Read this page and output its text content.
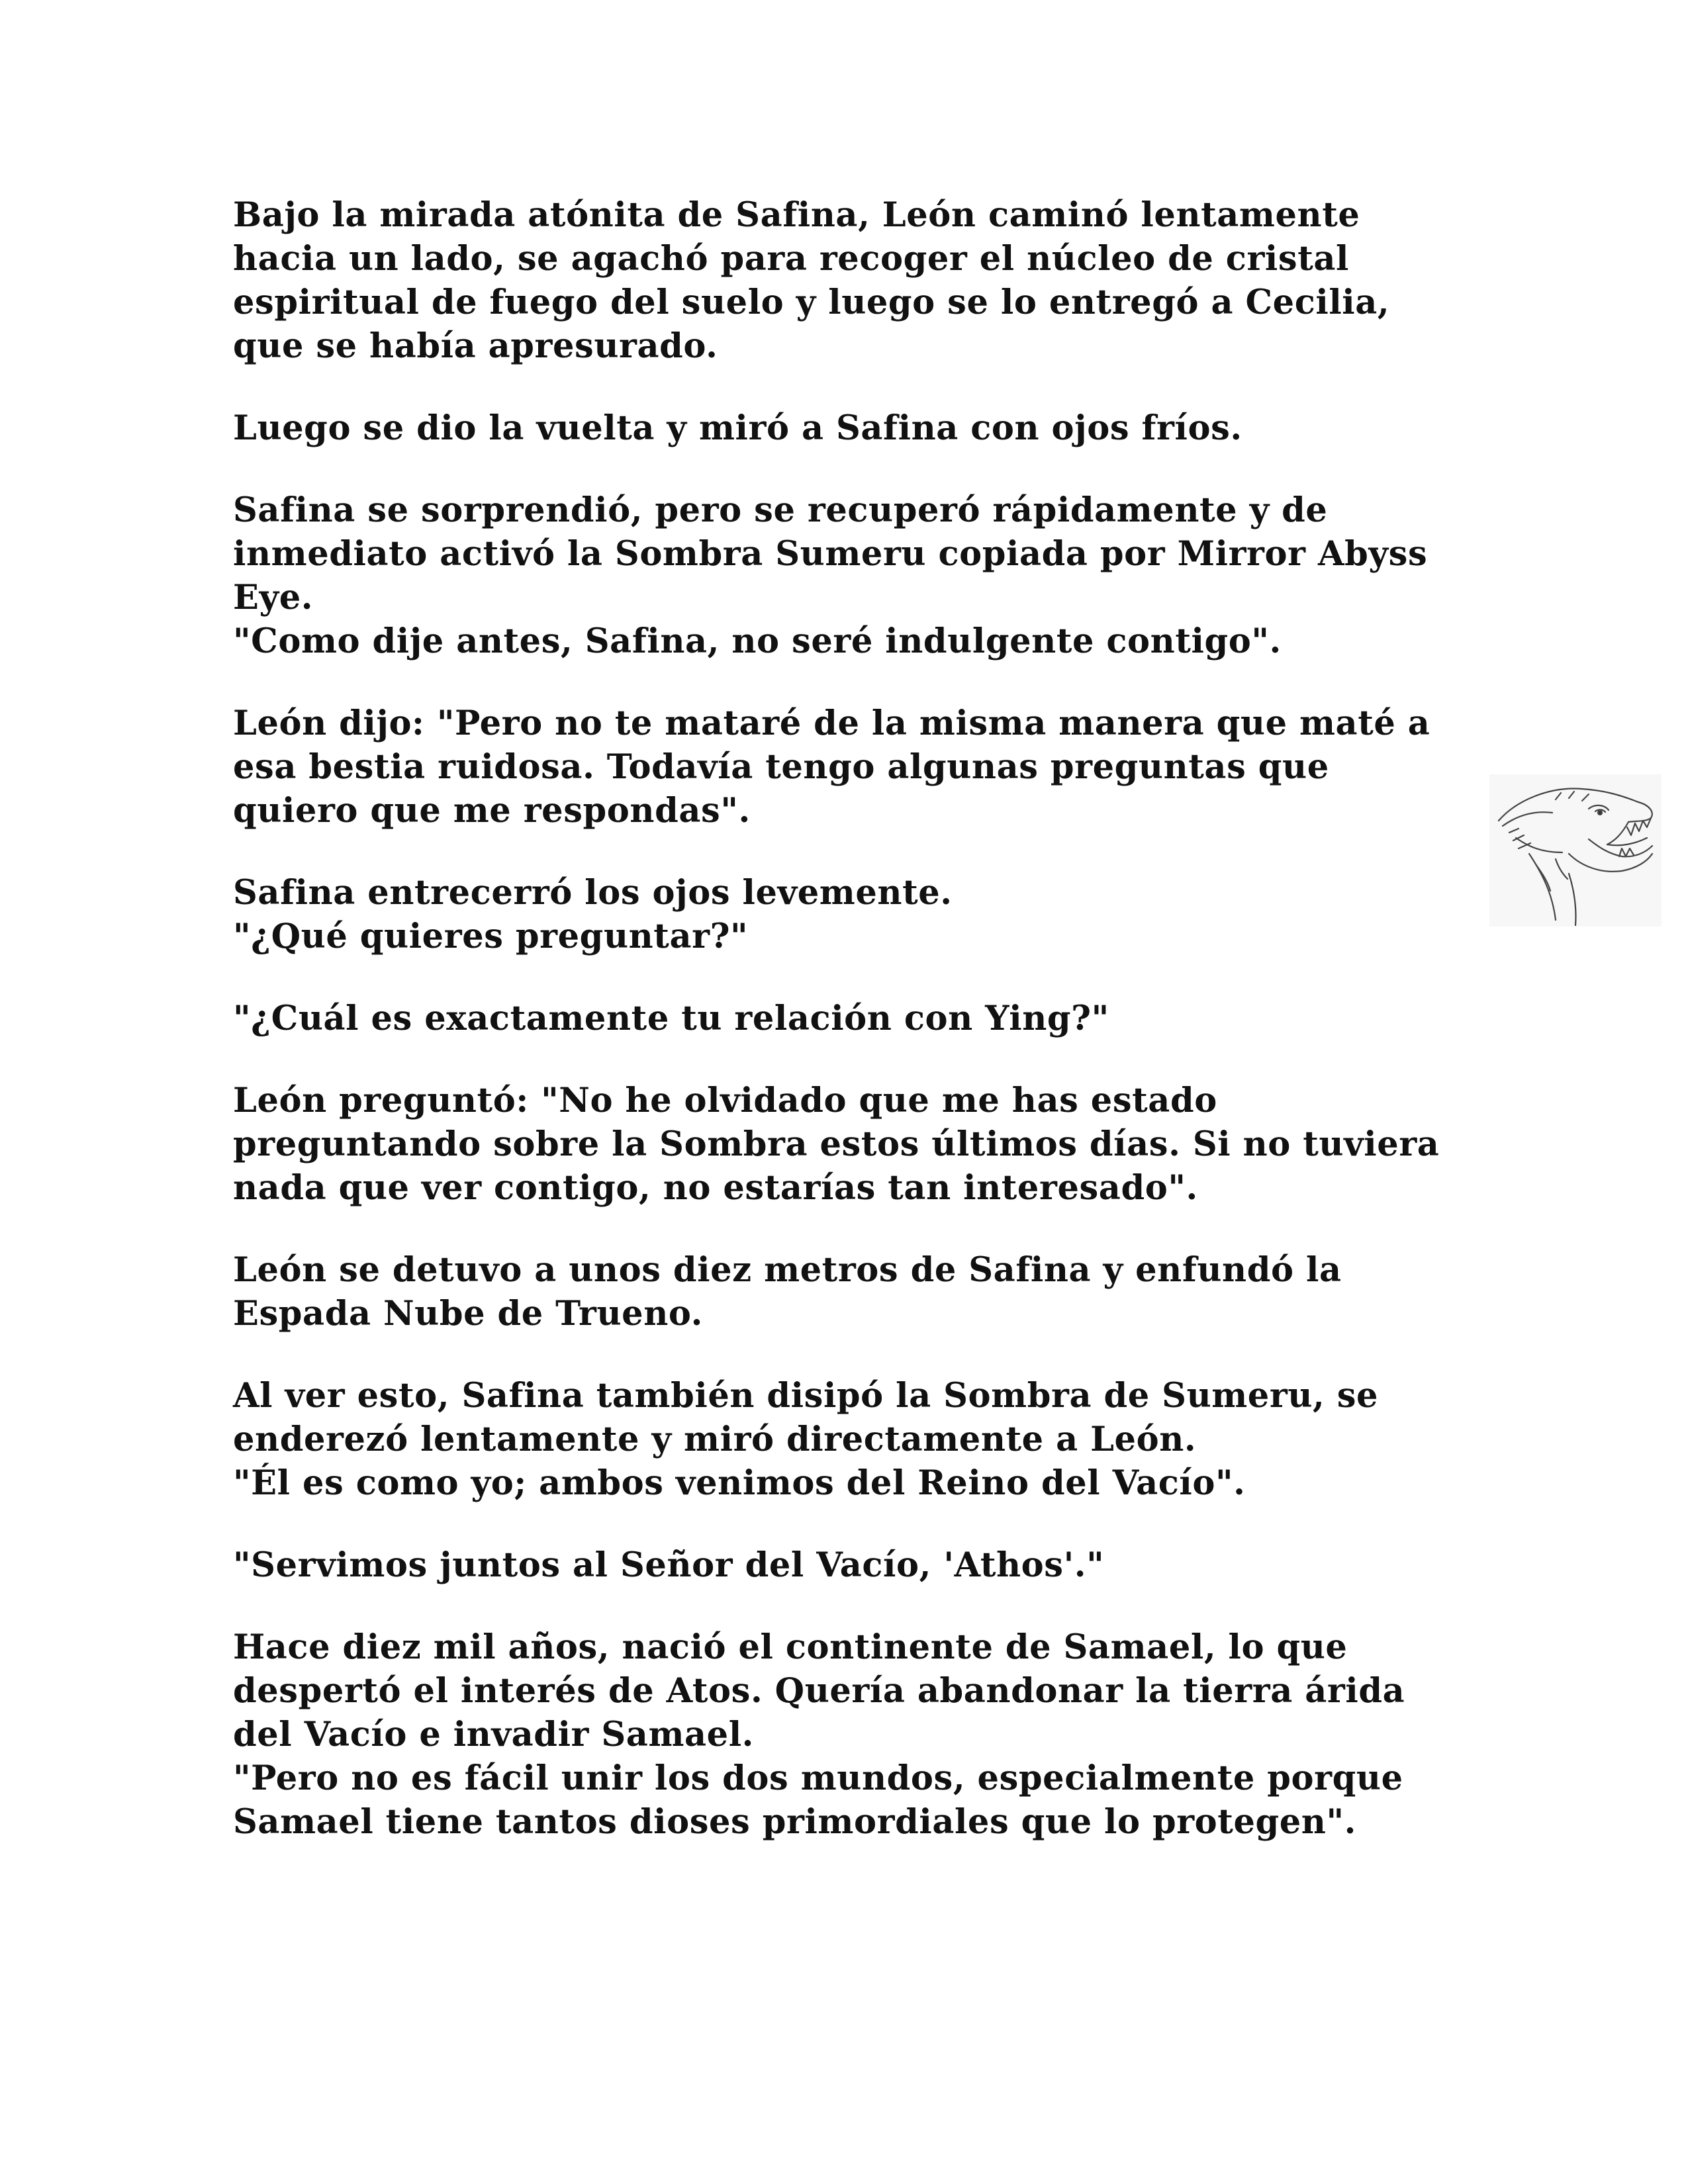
Bajo la mirada atónita de Safina, León caminó lentamente
hacia un lado, se agachó para recoger el núcleo de cristal
espiritual de fuego del suelo y luego se lo entregó a Cecilia,
que se había apresurado.

Luego se dio la vuelta y miró a Safina con ojos fríos.

Safina se sorprendió, pero se recuperó rápidamente y de
inmediato activó la Sombra Sumeru copiada por Mirror Abyss
Eye.
"Como dije antes, Safina, no seré indulgente contigo".

León dijo: "Pero no te mataré de la misma manera que maté a
esa bestia ruidosa. Todavía tengo algunas preguntas que
quiero que me respondas".

Safina entrecerró los ojos levemente.
"¿Qué quieres preguntar?"

"¿Cuál es exactamente tu relación con Ying?"

León preguntó: "No he olvidado que me has estado
preguntando sobre la Sombra estos últimos días. Si no tuviera
nada que ver contigo, no estarías tan interesado".

León se detuvo a unos diez metros de Safina y enfundó la
Espada Nube de Trueno.

Al ver esto, Safina también disipó la Sombra de Sumeru, se
enderezó lentamente y miró directamente a León.
"Él es como yo; ambos venimos del Reino del Vacío".

"Servimos juntos al Señor del Vacío, 'Athos'."

Hace diez mil años, nació el continente de Samael, lo que
despertó el interés de Atos. Quería abandonar la tierra árida
del Vacío e invadir Samael.
"Pero no es fácil unir los dos mundos, especialmente porque
Samael tiene tantos dioses primordiales que lo protegen".
